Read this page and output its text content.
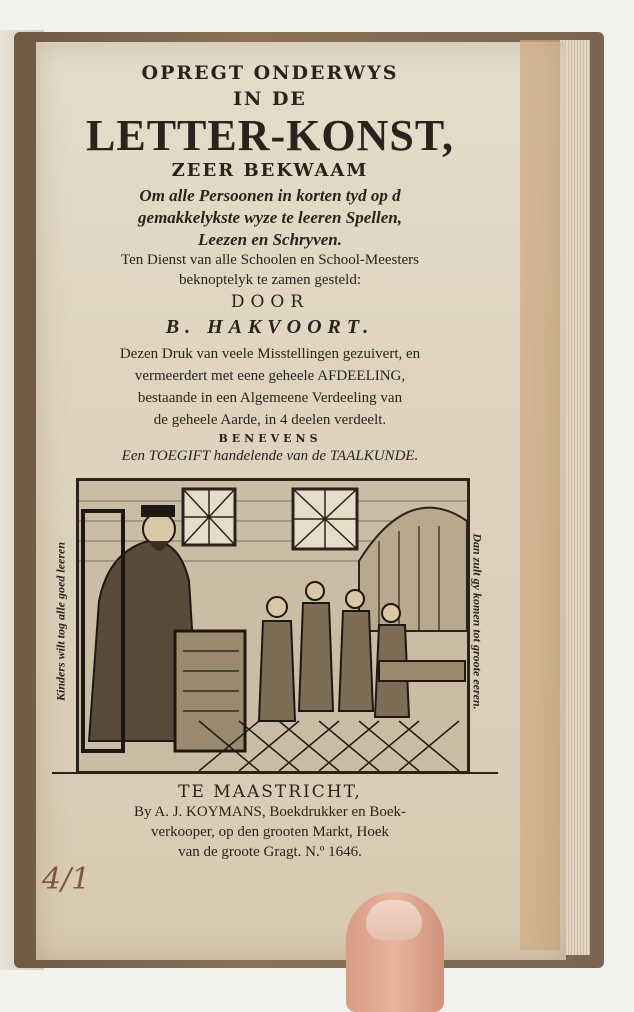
OPREGT ONDERWYS
IN DE
LETTER-KONST,
ZEER BEKWAAM
Om alle Persoonen in korten tyd op d
gemakkelykste wyze te leeren Spellen,
Leezen en Schryven.
Ten Dienst van alle Schoolen en School-Meesters
beknoptelyk te zamen gesteld:
DOOR
B. HAKVOORT.
Dezen Druk van veele Misstellingen gezuivert, en
vermeerdert met eene geheele AFDEELING,
bestaande in een Algemeene Verdeeling van
de geheele Aarde, in 4 deelen verdeelt.
BENEVENS
Een TOEGIFT handelende van de TAALKUNDE.
Kinders wilt tog alle goed leeren	Dan zult gy komen tot groote eeren.
TE MAASTRICHT,
By A. J. KOYMANS, Boekdrukker en Boek-
verkooper, op den grooten Markt, Hoek
van de groote Gragt. N.º 1646.
4/1
